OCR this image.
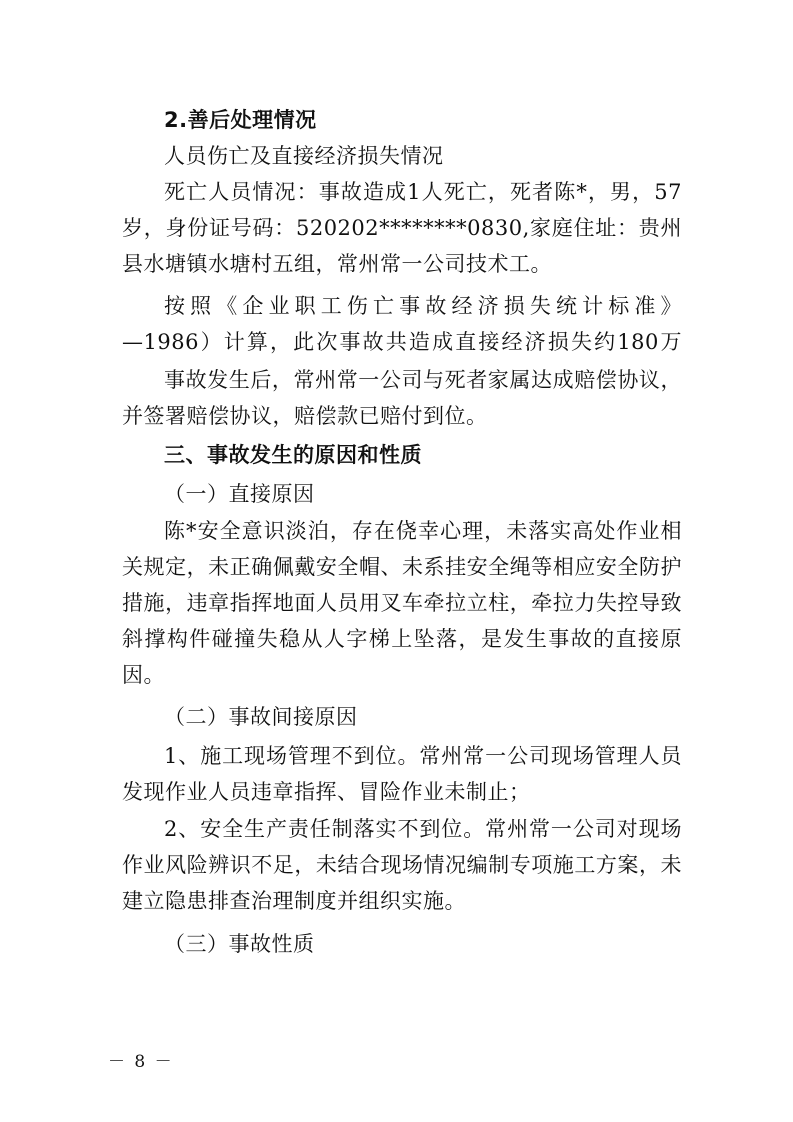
2.善后处理情况
人员伤亡及直接经济损失情况
死亡人员情况：事故造成1人死亡，死者陈*，男，57
岁，身份证号码：520202********0830,家庭住址：贵州
县水塘镇水塘村五组，常州常一公司技术工。
按照《企业职工伤亡事故经济损失统计标准》
—1986）计算，此次事故共造成直接经济损失约180万
事故发生后，常州常一公司与死者家属达成赔偿协议，
并签署赔偿协议，赔偿款已赔付到位。
三、事故发生的原因和性质
（一）直接原因
陈*安全意识淡泊，存在侥幸心理，未落实高处作业相
关规定，未正确佩戴安全帽、未系挂安全绳等相应安全防护
措施，违章指挥地面人员用叉车牵拉立柱，牵拉力失控导致
斜撑构件碰撞失稳从人字梯上坠落，是发生事故的直接原
因。
（二）事故间接原因
1、施工现场管理不到位。常州常一公司现场管理人员
发现作业人员违章指挥、冒险作业未制止；
2、安全生产责任制落实不到位。常州常一公司对现场
作业风险辨识不足，未结合现场情况编制专项施工方案，未
建立隐患排查治理制度并组织实施。
（三）事故性质
－ 8 －
